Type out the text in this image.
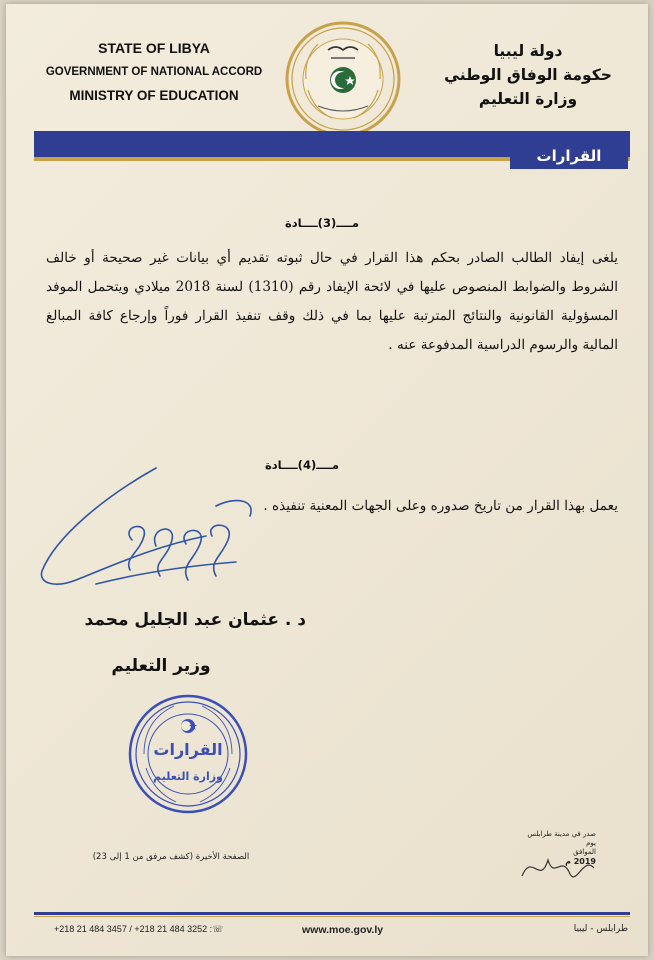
STATE OF LIBYA
GOVERNMENT OF NATIONAL ACCORD
MINISTRY OF EDUCATION
دولة ليبيا
حكومة الوفاق الوطني
وزارة التعليم
القرارات
مــــ(3)ــــادة
يلغى إيفاد الطالب الصادر بحكم هذا القرار في حال ثبوته تقديم أي بيانات غير صحيحة أو خالف الشروط والضوابط المنصوص عليها في لائحة الإيفاد رقم (1310) لسنة 2018 ميلادي ويتحمل الموفد المسؤولية القانونية والنتائج المترتبة عليها بما في ذلك وقف تنفيذ القرار فوراً وإرجاع كافة المبالغ المالية والرسوم الدراسية المدفوعة عنه .
مــــ(4)ــــادة
يعمل بهذا القرار من تاريخ صدوره وعلى الجهات المعنية تنفيذه .
د . عثمان عبد الجليل محمد
وزير التعليم
القرارات
وزارة التعليم
الصفحة الأخيرة (كشف مرفق من 1 إلى 23)
صدر في مدينة طرابلس
يوم
الموافق
2019 م
+218 21 484 3457 / +218 21 484 3252 :☏	www.moe.gov.ly	طرابلس - ليبيا
